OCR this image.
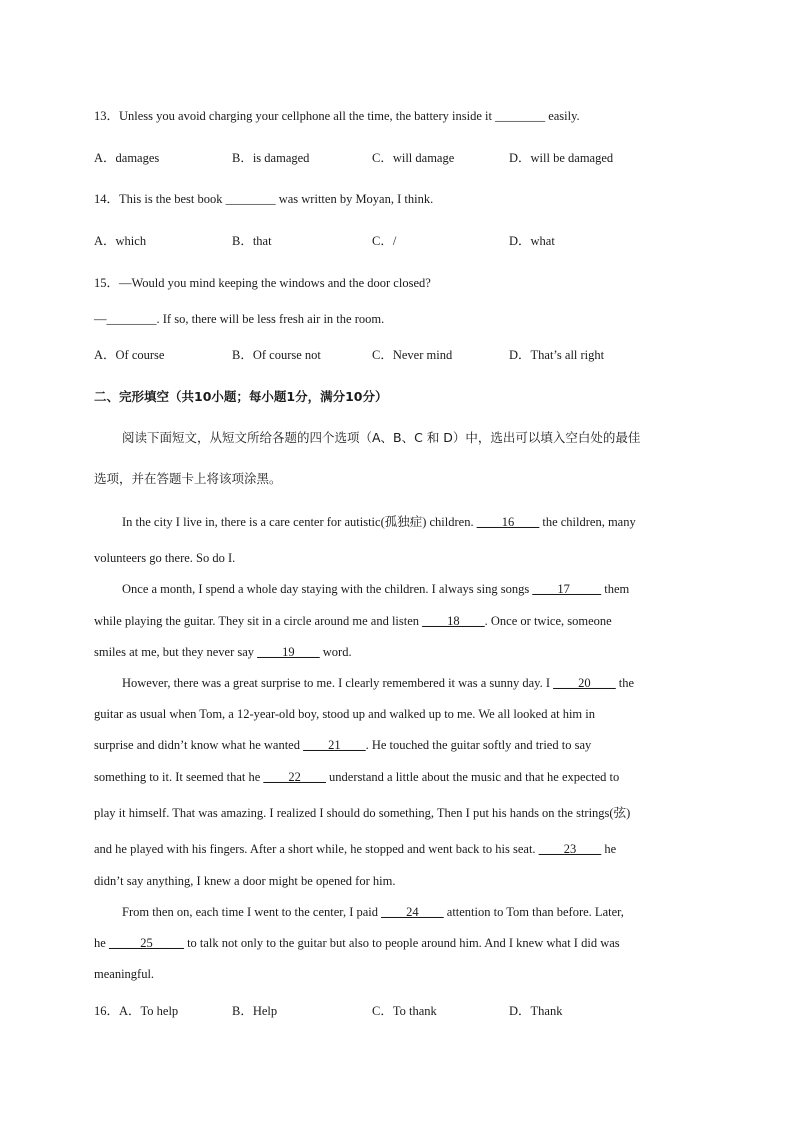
13．Unless you avoid charging your cellphone all the time, the battery inside it ________ easily.
A．damages	B．is damaged	C．will damage	D．will be damaged
14．This is the best book ________ was written by Moyan, I think.
A．which	B．that	C．/	D．what
15．—Would you mind keeping the windows and the door closed?
—________. If so, there will be less fresh air in the room.
A．Of course	B．Of course not	C．Never mind	D．That’s all right
二、完形填空（共10小题；每小题1分，满分10分）
阅读下面短文，从短文所给各题的四个选项（A、B、C 和 D）中，选出可以填入空白处的最佳
选项，并在答题卡上将该项涂黑。
In the city I live in, there is a care center for autistic(孤独症) children. ____16____ the children, many
volunteers go there. So do I.
Once a month, I spend a whole day staying with the children. I always sing songs ____17_____ them
while playing the guitar. They sit in a circle around me and listen ____18____. Once or twice, someone
smiles at me, but they never say ____19____ word.
However, there was a great surprise to me. I clearly remembered it was a sunny day. I ____20____ the
guitar as usual when Tom, a 12-year-old boy, stood up and walked up to me. We all looked at him in
surprise and didn’t know what he wanted ____21____. He touched the guitar softly and tried to say
something to it. It seemed that he ____22____ understand a little about the music and that he expected to
play it himself. That was amazing. I realized I should do something, Then I put his hands on the strings(弦)
and he played with his fingers. After a short while, he stopped and went back to his seat. ____23____ he
didn’t say anything, I knew a door might be opened for him.
From then on, each time I went to the center, I paid ____24____ attention to Tom than before. Later,
he _____25_____ to talk not only to the guitar but also to people around him. And I knew what I did was
meaningful.
16．A．To help	B．Help	C．To thank	D．Thank
